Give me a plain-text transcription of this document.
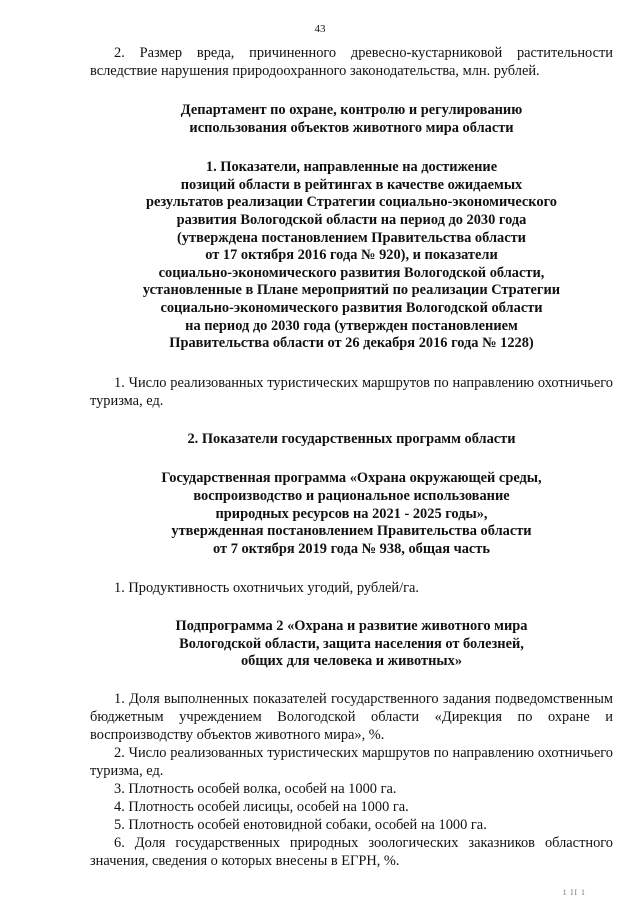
43

2. Размер вреда, причиненного древесно-кустарниковой растительности вследствие нарушения природоохранного законодательства, млн. рублей.

Департамент по охране, контролю и регулированию
использования объектов животного мира области

1. Показатели, направленные на достижение
позиций области в рейтингах в качестве ожидаемых
результатов реализации Стратегии социально-экономического
развития Вологодской области на период до 2030 года
(утверждена постановлением Правительства области
от 17 октября 2016 года № 920), и показатели
социально-экономического развития Вологодской области,
установленные в Плане мероприятий по реализации Стратегии
социально-экономического развития Вологодской области
на период до 2030 года (утвержден постановлением
Правительства области от 26 декабря 2016 года № 1228)

1. Число реализованных туристических маршрутов по направлению охотничьего туризма, ед.

2. Показатели государственных программ области

Государственная программа «Охрана окружающей среды,
воспроизводство и рациональное использование
природных ресурсов на 2021 - 2025 годы»,
утвержденная постановлением Правительства области
от 7 октября 2019 года № 938, общая часть

1. Продуктивность охотничьих угодий, рублей/га.

Подпрограмма 2 «Охрана и развитие животного мира
Вологодской области, защита населения от болезней,
общих для человека и животных»

1. Доля выполненных показателей государственного задания подведомственным бюджетным учреждением Вологодской области «Дирекция по охране и воспроизводству объектов животного мира», %.

2. Число реализованных туристических маршрутов по направлению охотничьего туризма, ед.

3. Плотность особей волка, особей на 1000 га.

4. Плотность особей лисицы, особей на 1000 га.

5. Плотность особей енотовидной собаки, особей на 1000 га.

6. Доля государственных природных зоологических заказников областного значения, сведения о которых внесены в ЕГРН, %.

1 II 1
